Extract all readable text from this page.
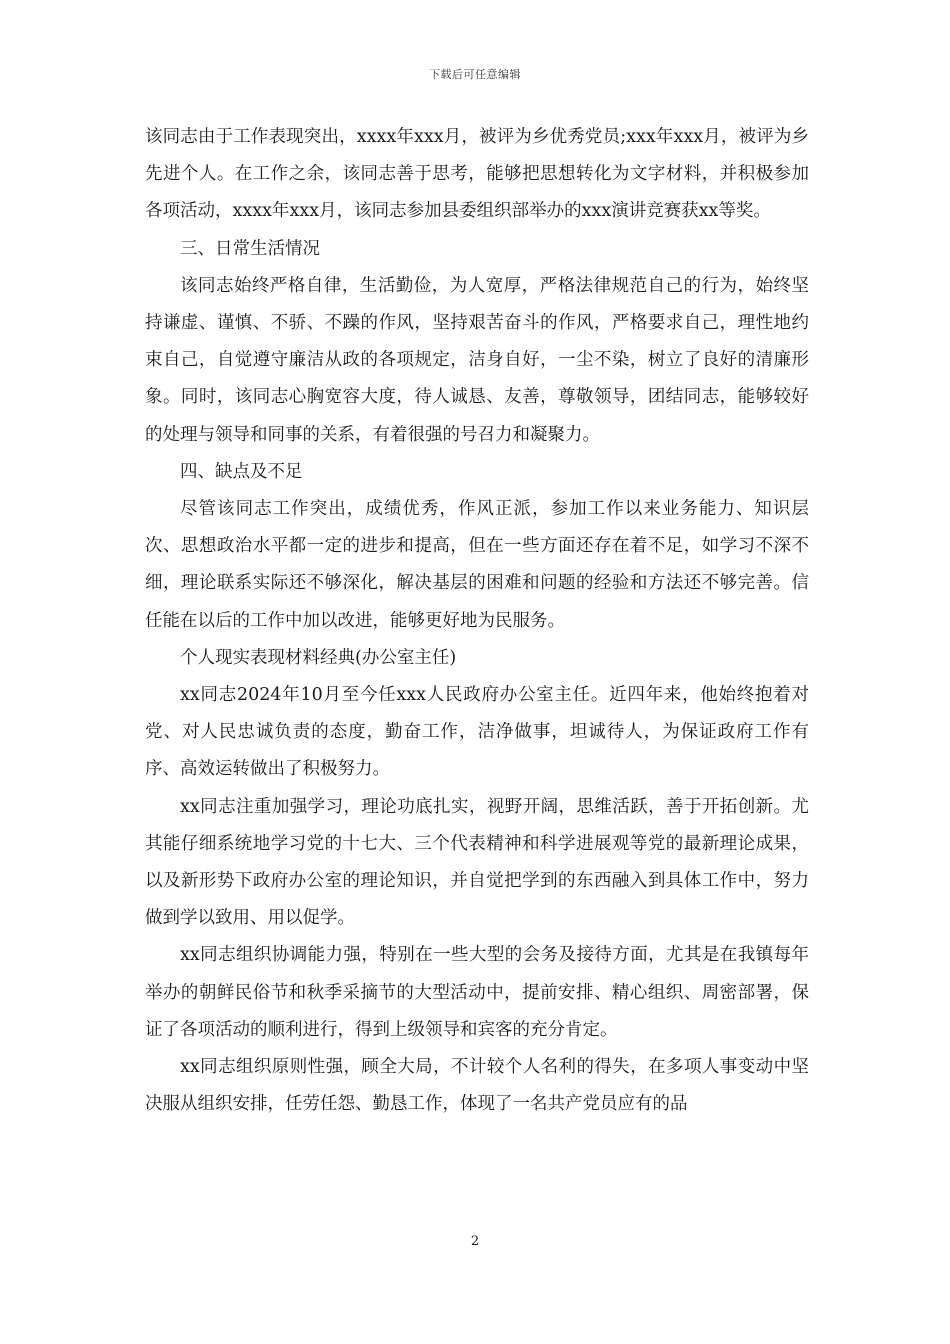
下载后可任意编辑

该同志由于工作表现突出，xxxx年xxx月，被评为乡优秀党员;xxx年xxx月，被评为乡先进个人。在工作之余，该同志善于思考，能够把思想转化为文字材料，并积极参加各项活动，xxxx年xxx月，该同志参加县委组织部举办的xxx演讲竞赛获xx等奖。

三、日常生活情况

该同志始终严格自律，生活勤俭，为人宽厚，严格法律规范自己的行为，始终坚持谦虚、谨慎、不骄、不躁的作风，坚持艰苦奋斗的作风，严格要求自己，理性地约束自己，自觉遵守廉洁从政的各项规定，洁身自好，一尘不染，树立了良好的清廉形象。同时，该同志心胸宽容大度，待人诚恳、友善，尊敬领导，团结同志，能够较好的处理与领导和同事的关系，有着很强的号召力和凝聚力。

四、缺点及不足

尽管该同志工作突出，成绩优秀，作风正派，参加工作以来业务能力、知识层次、思想政治水平都一定的进步和提高，但在一些方面还存在着不足，如学习不深不细，理论联系实际还不够深化，解决基层的困难和问题的经验和方法还不够完善。信任能在以后的工作中加以改进，能够更好地为民服务。

个人现实表现材料经典(办公室主任)

xx同志2024年10月至今任xxx人民政府办公室主任。近四年来，他始终抱着对党、对人民忠诚负责的态度，勤奋工作，洁净做事，坦诚待人，为保证政府工作有序、高效运转做出了积极努力。

xx同志注重加强学习，理论功底扎实，视野开阔，思维活跃，善于开拓创新。尤其能仔细系统地学习党的十七大、三个代表精神和科学进展观等党的最新理论成果，以及新形势下政府办公室的理论知识，并自觉把学到的东西融入到具体工作中，努力做到学以致用、用以促学。

xx同志组织协调能力强，特别在一些大型的会务及接待方面，尤其是在我镇每年举办的朝鲜民俗节和秋季采摘节的大型活动中，提前安排、精心组织、周密部署，保证了各项活动的顺利进行，得到上级领导和宾客的充分肯定。

xx同志组织原则性强，顾全大局，不计较个人名利的得失，在多项人事变动中坚决服从组织安排，任劳任怨、勤恳工作，体现了一名共产党员应有的品

2
